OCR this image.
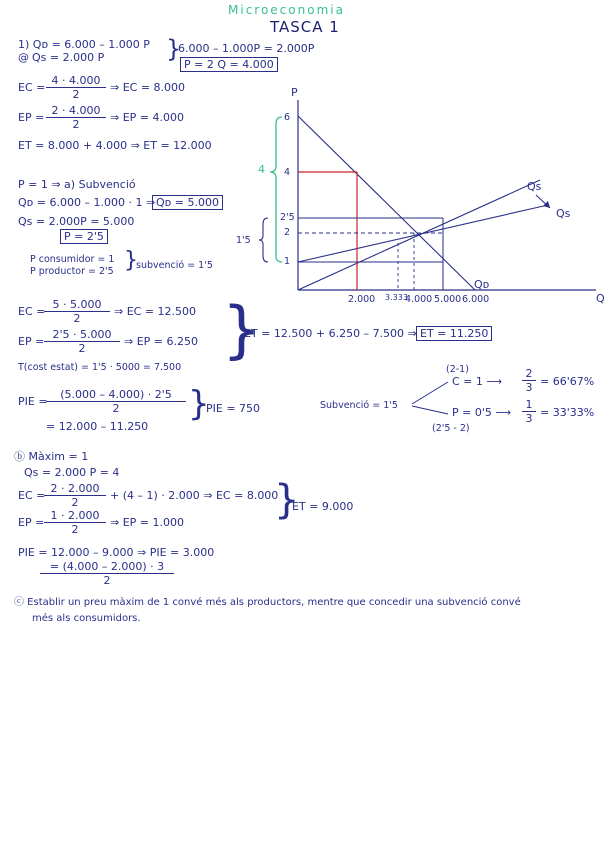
Microeconomia
TASCA 1
1) Qᴅ = 6.000 – 1.000 P
@ Qs = 2.000 P	}
6.000 – 1.000P = 2.000P
P = 2 Q = 4.000
EC = $\frac{4 \cdot 4.000}{2}$ ⇒ EC = 8.000
EP = $\frac{2 \cdot 4.000}{2}$ ⇒ EP = 4.000
ET = 8.000 + 4.000 ⇒ ET = 12.000
P = 1 ⇒ a) Subvenció
Qᴅ = 6.000 – 1.000 · 1 ⇒ Qᴅ = 5.000
Qs = 2.000P = 5.000
P = 2'5
P consumidor = 1
P productor = 2'5 }
subvenció = 1'5
P
Q
6
4
2'5
2
1
2.000 3.333
4.000 5.000 6.000
4
1'5
Qs
Qs
Qᴅ
EC =
$\frac{5 \cdot 5.000}{2}$ ⇒ EC = 12.500
EP = $\frac{2'5 \cdot 5.000}{2}$ ⇒ EP = 6.250
T(cost estat) = 1'5 · 5000 = 7.500
}
ET = 12.500 + 6.250 – 7.500 ⇒ ET = 11.250
PIE =
$\frac{(5.000 - 4.000) \cdot 2'5}{2}$ }
PIE = 750
= 12.000 – 11.250
Subvenció = 1'5
(2-1)
C = 1 ⟶ $\frac{2}{3} = 66'67\%$
P = 0'5 ⟶ $\frac{1}{3} = 33'33\%$
(2'5 - 2)
ⓑ Màxim = 1
Qs = 2.000 P = 4
EC =
$\frac{2 \cdot 2.000}{2} + (4 - 1) \cdot 2.000$ ⇒ EC = 8.000
EP = $\frac{1 \cdot 2.000}{2}$ ⇒ EP = 1.000 }
ET = 9.000
PIE = 12.000 – 9.000 ⇒ PIE = 3.000
$\frac{= (4.000 - 2.000) \cdot 3}{2}$
ⓒ Establir un preu màxim de 1 convé més als productors, mentre que concedir una subvenció convé
més als consumidors.
